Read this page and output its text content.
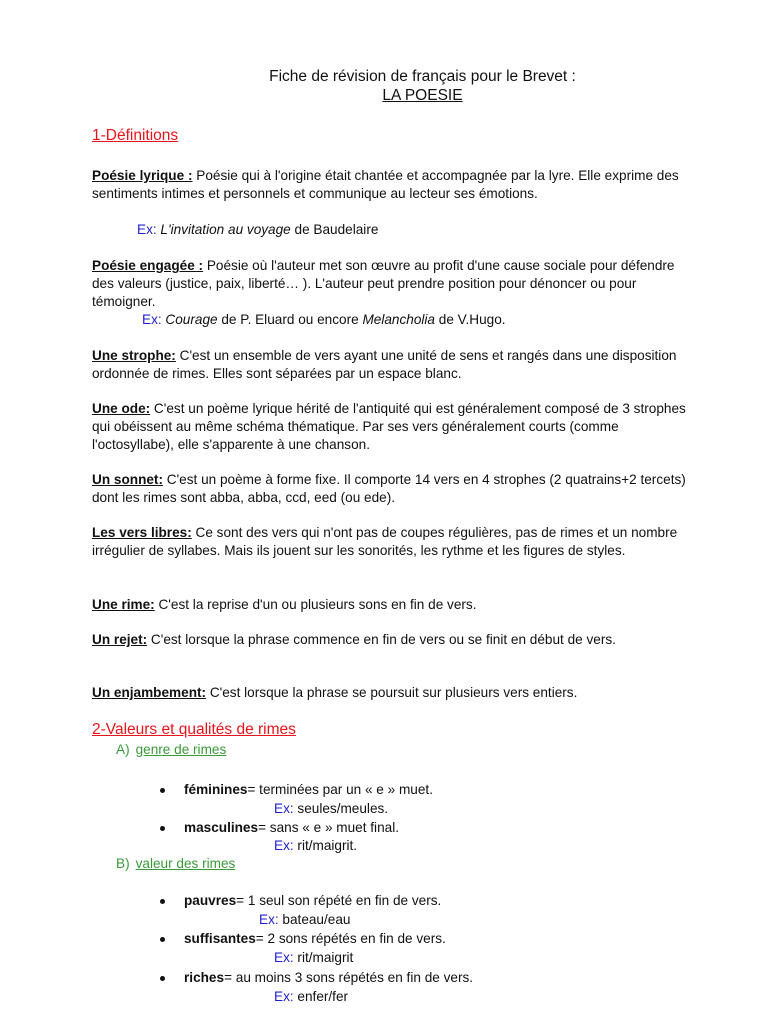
Fiche de révision de français pour le Brevet :
LA POESIE
1-Définitions
Poésie lyrique : Poésie qui à l'origine était chantée et accompagnée par la lyre. Elle exprime des sentiments intimes et personnels et communique au lecteur ses émotions.
Ex: L'invitation au voyage de Baudelaire
Poésie engagée : Poésie où l'auteur met son œuvre au profit d'une cause sociale pour défendre des valeurs (justice, paix, liberté… ). L'auteur peut prendre position pour dénoncer ou pour témoigner.
Ex: Courage de P. Eluard ou encore Melancholia de V.Hugo.
Une strophe: C'est un ensemble de vers ayant une unité de sens et rangés dans une disposition ordonnée de rimes. Elles sont séparées par un espace blanc.
Une ode: C'est un poème lyrique hérité de l'antiquité qui est généralement composé de 3 strophes qui obéissent au même schéma thématique. Par ses vers généralement courts (comme l'octosyllabe), elle s'apparente à une chanson.
Un sonnet: C'est un poème à forme fixe. Il comporte 14 vers en 4 strophes (2 quatrains+2 tercets) dont les rimes sont abba, abba, ccd, eed (ou ede).
Les vers libres: Ce sont des vers qui n'ont pas de coupes régulières, pas de rimes et un nombre irrégulier de syllabes. Mais ils jouent sur les sonorités, les rythme et les figures de styles.
Une rime: C'est la reprise d'un ou plusieurs sons en fin de vers.
Un rejet: C'est lorsque la phrase commence en fin de vers ou se finit en début de vers.
Un enjambement: C'est lorsque la phrase se poursuit sur plusieurs vers entiers.
2-Valeurs et qualités de rimes
A) genre de rimes
féminines= terminées par un « e » muet.
Ex: seules/meules.
masculines= sans « e » muet final.
Ex: rit/maigrit.
B) valeur des rimes
pauvres= 1 seul son répété en fin de vers.
Ex: bateau/eau
suffisantes= 2 sons répétés en fin de vers.
Ex: rit/maigrit
riches= au moins 3 sons répétés en fin de vers.
Ex: enfer/fer
